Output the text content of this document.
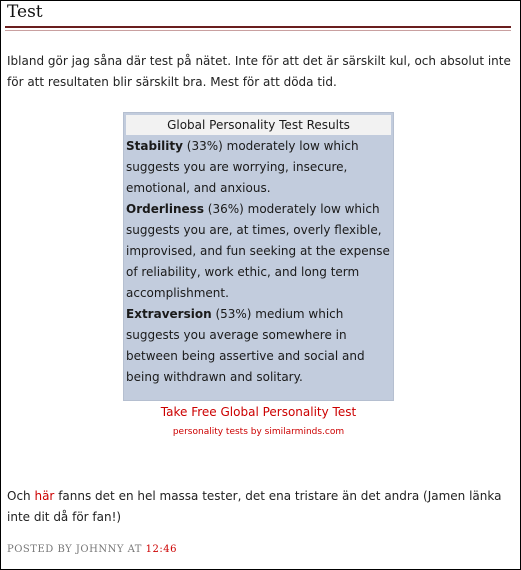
Test

Ibland gör jag såna där test på nätet. Inte för att det är särskilt kul, och absolut inte för att resultaten blir särskilt bra. Mest för att döda tid.

Global Personality Test Results
Stability (33%) moderately low which suggests you are worrying, insecure, emotional, and anxious.
Orderliness (36%) moderately low which suggests you are, at times, overly flexible, improvised, and fun seeking at the expense of reliability, work ethic, and long term accomplishment.
Extraversion (53%) medium which suggests you average somewhere in between being assertive and social and being withdrawn and solitary.
Take Free Global Personality Test
personality tests by similarminds.com

Och här fanns det en hel massa tester, det ena tristare än det andra (Jamen länka inte dit då för fan!)

POSTED BY JOHNNY AT 12:46
